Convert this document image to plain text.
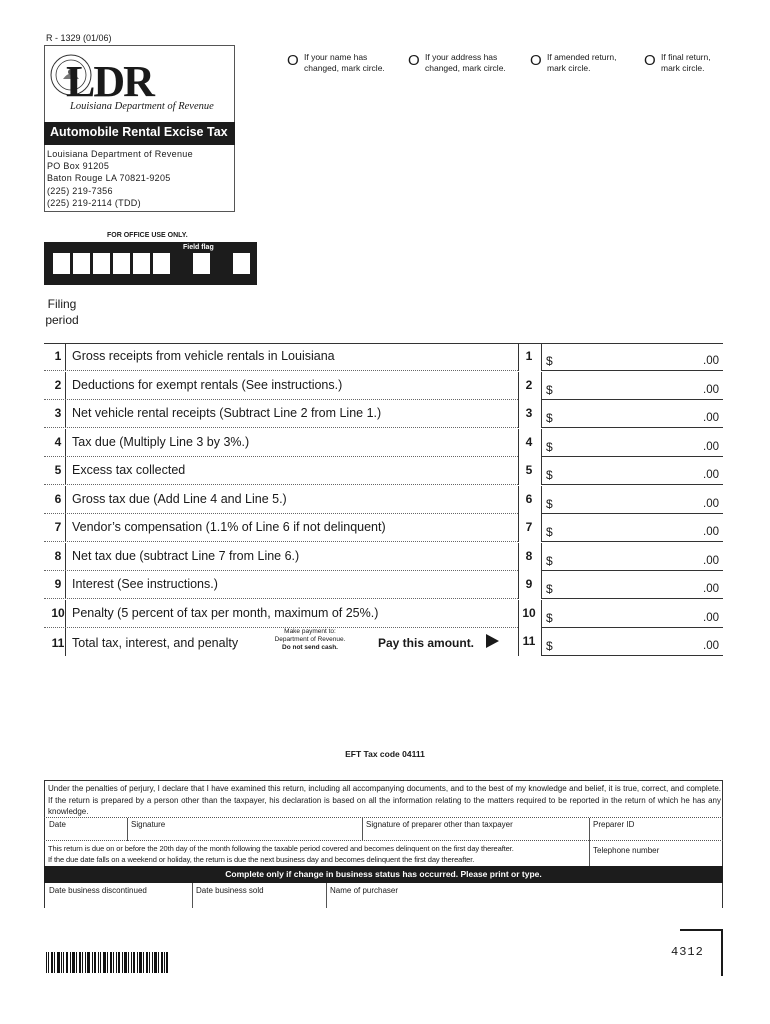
R - 1329 (01/06)
LDR
Louisiana Department of Revenue
Automobile Rental Excise Tax
Louisiana Department of Revenue
PO Box 91205
Baton Rouge LA 70821-9205
(225) 219-7356
(225) 219-2114 (TDD)
O If your name has
changed, mark circle. O If your address has
changed, mark circle. O If amended return,
mark circle.	O If final return,
mark circle.
FOR OFFICE USE ONLY.
Field flag
Filing
period
1 Gross receipts from vehicle rentals in Louisiana	1	$	.00
2 Deductions for exempt rentals (See instructions.)	2	$	.00
3 Net vehicle rental receipts (Subtract Line 2 from Line 1.)	3	$	.00
4 Tax due (Multiply Line 3 by 3%.)	4	$	.00
5 Excess tax collected	5	$	.00
6 Gross tax due (Add Line 4 and Line 5.)	6	$	.00
7 Vendor’s compensation (1.1% of Line 6 if not delinquent)	7	$	.00
8 Net tax due (subtract Line 7 from Line 6.)	8	$	.00
9 Interest (See instructions.)	9	$	.00
10 Penalty (5 percent of tax per month, maximum of 25%.)	10 $	.00
11 Total tax, interest, and penalty
Make payment to:
Department of Revenue.
Do not send cash.	Pay this amount.	11 $	.00
EFT Tax code 04111
Under the penalties of perjury, I declare that I have examined this return, including all accompanying documents, and to the best of my knowledge and belief, it is true, correct, and complete. If the return is prepared by a person other than the taxpayer, his declaration is based on all the information relating to the matters required to be reported in the return of which he has any knowledge.
Date	Signature	Signature of preparer other than taxpayer	Preparer ID
This return is due on or before the 20th day of the month following the taxable period covered and becomes delinquent on the first day thereafter.
If the due date falls on a weekend or holiday, the return is due the next business day and becomes delinquent the first day thereafter.
Telephone number
Complete only if change in business status has occurred. Please print or type.
Date business discontinued	Date business sold	Name of purchaser
4312
